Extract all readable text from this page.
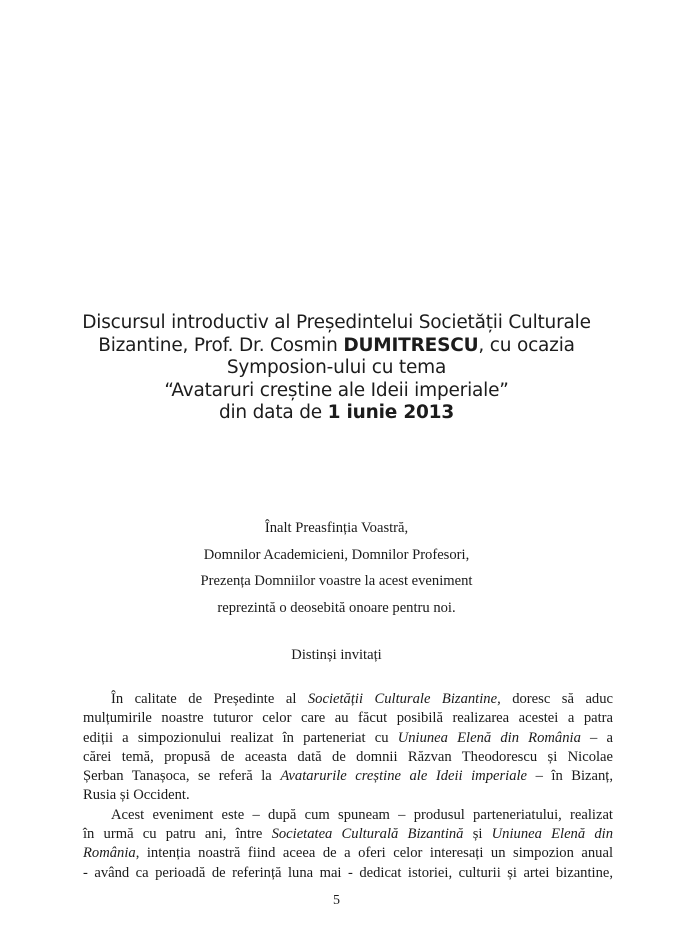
Discursul introductiv al Președintelui Societății Culturale
Bizantine, Prof. Dr. Cosmin DUMITRESCU, cu ocazia
Symposion-ului cu tema
“Avataruri creștine ale Ideii imperiale”
din data de 1 iunie 2013
Înalt Preasfinția Voastră,
Domnilor Academicieni, Domnilor Profesori,
Prezența Domniilor voastre la acest eveniment
reprezintă o deosebită onoare pentru noi.
Distinși invitați
În calitate de Președinte al Societății Culturale Bizantine, doresc să aduc
mulțumirile noastre tuturor celor care au făcut posibilă realizarea acestei a patra
ediții a simpozionului realizat în parteneriat cu Uniunea Elenă din România – a
cărei temă, propusă de aceasta dată de domnii Răzvan Theodorescu și Nicolae
Șerban Tanașoca, se referă la Avatarurile creștine ale Ideii imperiale – în Bizanț,
Rusia și Occident.
Acest eveniment este – după cum spuneam – produsul parteneriatului, realizat
în urmă cu patru ani, între Societatea Culturală Bizantină și Uniunea Elenă din
România, intenția noastră fiind aceea de a oferi celor interesați un simpozion anual
- având ca perioadă de referință luna mai - dedicat istoriei, culturii și artei bizantine,
5
